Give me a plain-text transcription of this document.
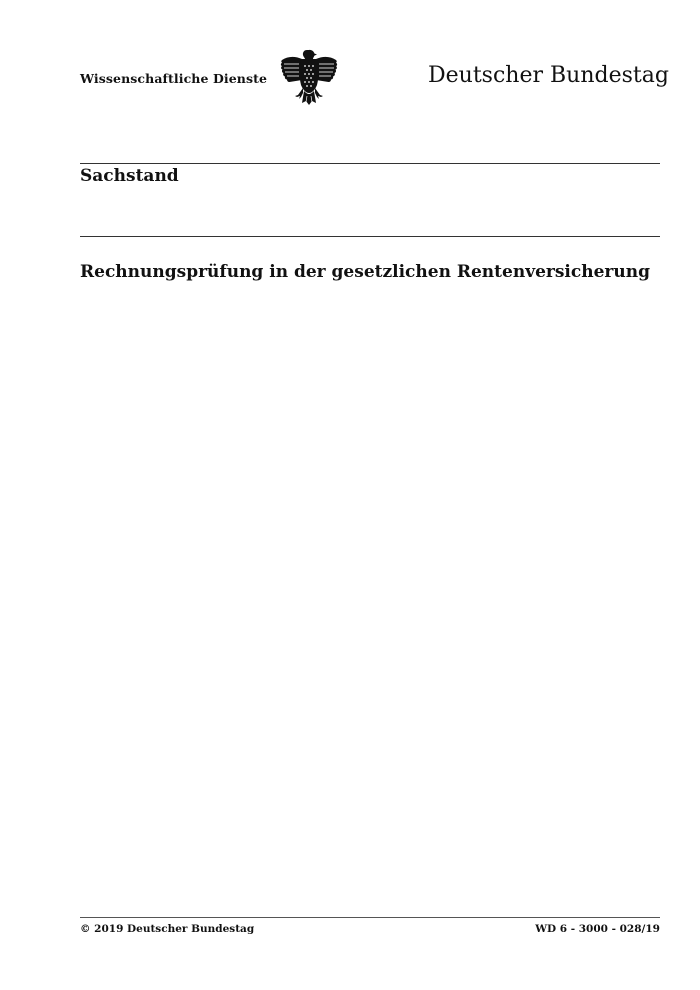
Wissenschaftliche Dienste	Deutscher Bundestag
Sachstand
Rechnungsprüfung in der gesetzlichen Rentenversicherung
© 2019 Deutscher Bundestag	WD 6 - 3000 - 028/19
